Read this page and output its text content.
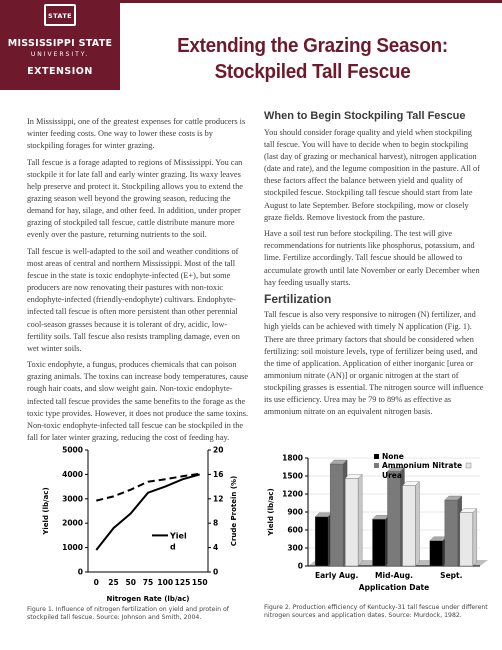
STATE
MISSISSIPPI STATE
UNIVERSITY.
EXTENSION
Extending the Grazing Season:
Stockpiled Tall Fescue

In Mississippi, one of the greatest expenses for cattle producers is winter feeding costs. One way to lower these costs is by stockpiling forages for winter grazing.

Tall fescue is a forage adapted to regions of Mississippi. You can stockpile it for late fall and early winter grazing. Its waxy leaves help preserve and protect it. Stockpiling allows you to extend the grazing season well beyond the growing season, reducing the demand for hay, silage, and other feed. In addition, under proper grazing of stockpiled tall fescue, cattle distribute manure more evenly over the pasture, returning nutrients to the soil.

Tall fescue is well-adapted to the soil and weather conditions of most areas of central and northern Mississippi. Most of the tall fescue in the state is toxic endophyte-infected (E+), but some producers are now renovating their pastures with non-toxic endophyte-infected (friendly-endophyte) cultivars. Endophyte-infected tall fescue is often more persistent than other perennial cool-season grasses because it is tolerant of dry, acidic, low-fertility soils. Tall fescue also resists trampling damage, even on wet winter soils.

Toxic endophyte, a fungus, produces chemicals that can poison grazing animals. The toxins can increase body temperatures, cause rough hair coats, and slow weight gain. Non-toxic endophyte-infected tall fescue provides the same benefits to the forage as the toxic type provides. However, it does not produce the same toxins. Non-toxic endophyte-infected tall fescue can be stockpiled in the fall for later winter grazing, reducing the cost of feeding hay.

When to Begin Stockpiling Tall Fescue

You should consider forage quality and yield when stockpiling tall fescue. You will have to decide when to begin stockpiling (last day of grazing or mechanical harvest), nitrogen application (date and rate), and the legume composition in the pasture. All of these factors affect the balance between yield and quality of stockpiled fescue. Stockpiling tall fescue should start from late August to late September. Before stockpiling, mow or closely graze fields. Remove livestock from the pasture.

Have a soil test run before stockpiling. The test will give recommendations for nutrients like phosphorus, potassium, and lime. Fertilize accordingly. Tall fescue should be allowed to accumulate growth until late November or early December when hay feeding usually starts.

Fertilization

Tall fescue is also very responsive to nitrogen (N) fertilizer, and high yields can be achieved with timely N application (Fig. 1). There are three primary factors that should be considered when fertilizing: soil moisture levels, type of fertilizer being used, and the time of application. Application of either inorganic [urea or ammonium nitrate (AN)] or organic nitrogen at the start of stockpiling grasses is essential. The nitrogen source will influence its use efficiency. Urea may be 79 to 89% as effective as ammonium nitrate on an equivalent nitrogen basis.

0
1000
2000
3000
4000
5000
0
4
8
12
16
20
0 25 50 75 100 125 150
Nitrogen Rate (lb/ac)
Yield (lb/ac)	Crude Protein (%)
Yiel
d
Figure 1. Influence of nitrogen fertilization on yield and protein of stockpiled tall fescue. Source: Johnson and Smith, 2004.
0
300
600
900
1200
1500
1800
Early Aug. Mid-Aug.	Sept.
Application Date
Yield (lb/ac)
None
Ammonium Nitrate
Urea
Figure 2. Production efficiency of Kentucky-31 tall fescue under different nitrogen sources and application dates. Source: Murdock, 1982.
